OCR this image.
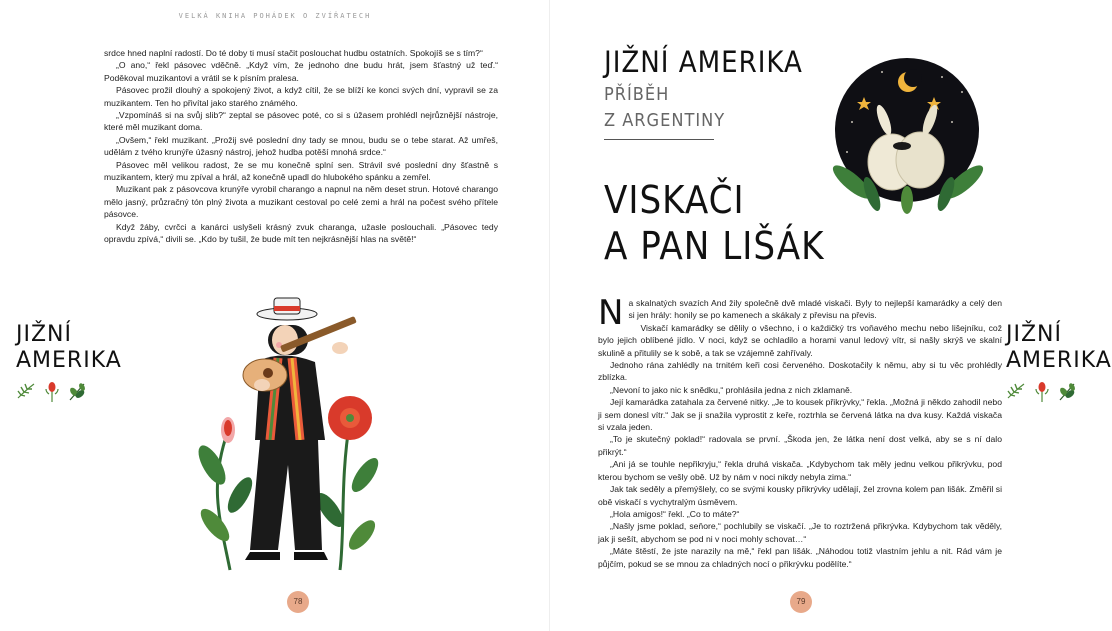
VELKÁ KNIHA POHÁDEK O ZVÍŘATECH

srdce hned naplní radostí. Do té doby ti musí stačit poslouchat hudbu ostatních. Spokojíš se s tím?“

„O ano,“ řekl pásovec vděčně. „Když vím, že jednoho dne budu hrát, jsem šťastný už teď.“ Poděkoval muzikantovi a vrátil se k písním pralesa.

Pásovec prožil dlouhý a spokojený život, a když cítil, že se blíží ke konci svých dní, vypravil se za muzikantem. Ten ho přivítal jako starého známého.

„Vzpomínáš si na svůj slib?“ zeptal se pásovec poté, co si s úžasem prohlédl nejrůznější nástroje, které měl muzikant doma.

„Ovšem,“ řekl muzikant. „Prožij své poslední dny tady se mnou, budu se o tebe starat. Až umřeš, udělám z tvého krunýře úžasný nástroj, jehož hudba potěší mnohá srdce.“

Pásovec měl velikou radost, že se mu konečně splní sen. Strávil své poslední dny šťastně s muzikantem, který mu zpíval a hrál, až konečně upadl do hlubokého spánku a zemřel.

Muzikant pak z pásovcova krunýře vyrobil charango a napnul na něm deset strun. Hotové charango mělo jasný, průzračný tón plný života a muzikant cestoval po celé zemi a hrál na počest svého přítele pásovce.

Když žáby, cvrčci a kanárci uslyšeli krásný zvuk charanga, užasle poslouchali. „Pásovec tedy opravdu zpívá,“ divili se. „Kdo by tušil, že bude mít ten nejkrásnější hlas na světě!“

JIŽNÍ
AMERIKA
78
JIŽNÍ AMERIKA
PŘÍBĚH
Z ARGENTINY
VISKAČI
A PAN LIŠÁK

Na skalnatých svazích And žily společně dvě mladé viskači. Byly to nejlepší kamarádky a celý den si jen hrály: honily se po kamenech a skákaly z převisu na převis.

Viskačí kamarádky se dělily o všechno, i o každičký trs voňavého mechu nebo lišejníku, což bylo jejich oblíbené jídlo. V noci, když se ochladilo a horami vanul ledový vítr, si našly skrýš ve skalní skulině a přitulily se k sobě, a tak se vzájemně zahřívaly.

Jednoho rána zahlédly na trnitém keři cosi červeného. Doskotačily k němu, aby si tu věc prohlédly zblízka.

„Nevoní to jako nic k snědku,“ prohlásila jedna z nich zklamaně.

Její kamarádka zatahala za červené nitky. „Je to kousek přikrývky,“ řekla. „Možná ji někdo zahodil nebo ji sem donesl vítr.“ Jak se ji snažila vyprostit z keře, roztrhla se červená látka na dva kusy. Každá viskača si vzala jeden.

„To je skutečný poklad!“ radovala se první. „Škoda jen, že látka není dost velká, aby se s ní dalo přikrýt.“

„Ani já se touhle nepřikryju,“ řekla druhá viskača. „Kdybychom tak měly jednu velkou přikrývku, pod kterou bychom se vešly obě. Už by nám v noci nikdy nebyla zima.“

Jak tak seděly a přemýšlely, co se svými kousky přikrývky udělají, žel zrovna kolem pan lišák. Změřil si obě viskačí s vychytralým úsměvem.

„Hola amigos!“ řekl. „Co to máte?“

„Našly jsme poklad, seňore,“ pochlubily se viskačí. „Je to roztržená přikrývka. Kdybychom tak věděly, jak ji sešít, abychom se pod ni v noci mohly schovat…“

„Máte štěstí, že jste narazily na mě,“ řekl pan lišák. „Náhodou totiž vlastním jehlu a nit. Rád vám je půjčím, pokud se se mnou za chladných nocí o přikrývku podělíte.“

JIŽNÍ
AMERIKA
79
